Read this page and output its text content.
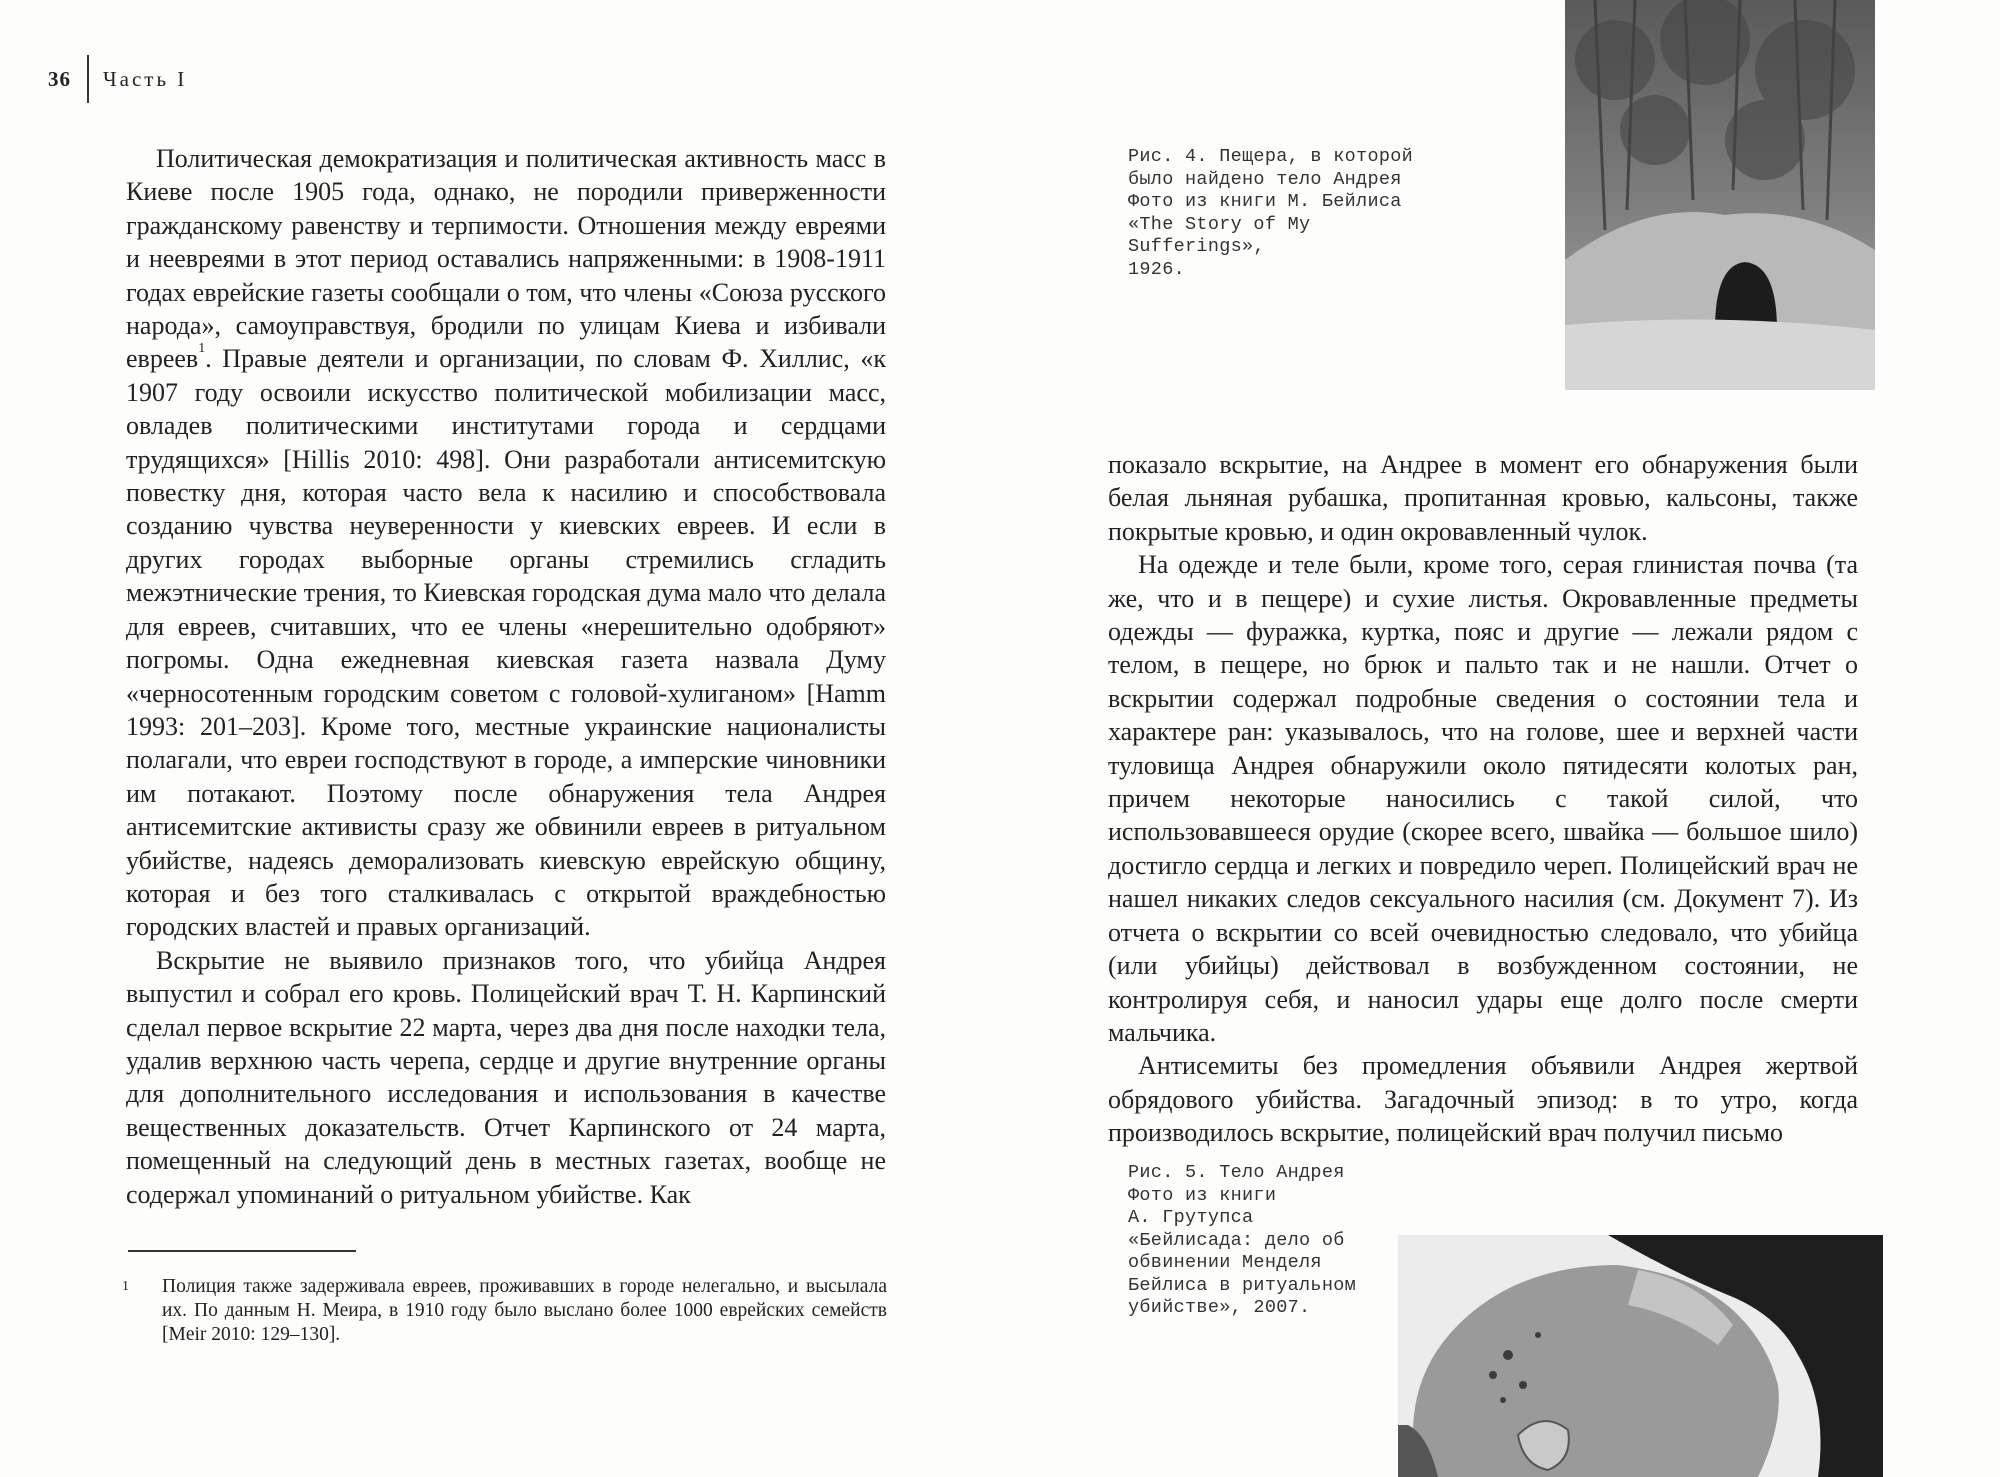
36 Часть I

Политическая демократизация и политическая активность масс в Киеве после 1905 года, однако, не породили приверженности гражданскому равенству и терпимости. Отношения между евреями и неевреями в этот период оставались напряженными: в 1908-1911 годах еврейские газеты сообщали о том, что члены «Союза русского народа», самоуправствуя, бродили по улицам Киева и избивали евреев$^1$. Правые деятели и организации, по словам Ф. Хиллис, «к 1907 году освоили искусство политической мобилизации масс, овладев политическими институтами города и сердцами трудящихся» [Hillis 2010: 498]. Они разработали антисемитскую повестку дня, которая часто вела к насилию и способствовала созданию чувства неуверенности у киевских евреев. И если в других городах выборные органы стремились сгладить межэтнические трения, то Киевская городская дума мало что делала для евреев, считавших, что ее члены «нерешительно одобряют» погромы. Одна ежедневная киевская газета назвала Думу «черносотенным городским советом с головой-хулиганом» [Hamm 1993: 201–203]. Кроме того, местные украинские националисты полагали, что евреи господствуют в городе, а имперские чиновники им потакают. Поэтому после обнаружения тела Андрея антисемитские активисты сразу же обвинили евреев в ритуальном убийстве, надеясь деморализовать киевскую еврейскую общину, которая и без того сталкивалась с открытой враждебностью городских властей и правых организаций.

Вскрытие не выявило признаков того, что убийца Андрея выпустил и собрал его кровь. Полицейский врач Т. Н. Карпинский сделал первое вскрытие 22 марта, через два дня после находки тела, удалив верхнюю часть черепа, сердце и другие внутренние органы для дополнительного исследования и использования в качестве вещественных доказательств. Отчет Карпинского от 24 марта, помещенный на следующий день в местных газетах, вообще не содержал упоминаний о ритуальном убийстве. Как

1	Полиция также задерживала евреев, проживавших в городе нелегально, и высылала их. По данным Н. Меира, в 1910 году было выслано более 1000 еврейских семейств [Meir 2010: 129–130].
Рис. 4. Пещера, в которой
было найдено тело Андрея
Фото из книги М. Бейлиса
«The Story of My Sufferings»,
1926.

показало вскрытие, на Андрее в момент его обнаружения были белая льняная рубашка, пропитанная кровью, кальсоны, также покрытые кровью, и один окровавленный чулок.

На одежде и теле были, кроме того, серая глинистая почва (та же, что и в пещере) и сухие листья. Окровавленные предметы одежды — фуражка, куртка, пояс и другие — лежали рядом с телом, в пещере, но брюк и пальто так и не нашли. Отчет о вскрытии содержал подробные сведения о состоянии тела и характере ран: указывалось, что на голове, шее и верхней части туловища Андрея обнаружили около пятидесяти колотых ран, причем некоторые наносились с такой силой, что использовавшееся орудие (скорее всего, швайка — большое шило) достигло сердца и легких и повредило череп. Полицейский врач не нашел никаких следов сексуального насилия (см. Документ 7). Из отчета о вскрытии со всей очевидностью следовало, что убийца (или убийцы) действовал в возбужденном состоянии, не контролируя себя, и наносил удары еще долго после смерти мальчика.

Антисемиты без промедления объявили Андрея жертвой обрядового убийства. Загадочный эпизод: в то утро, когда производилось вскрытие, полицейский врач получил письмо

Рис. 5. Тело Андрея
Фото из книги
А. Грутупса
«Бейлисада: дело об
обвинении Менделя
Бейлиса в ритуальном
убийстве», 2007.
